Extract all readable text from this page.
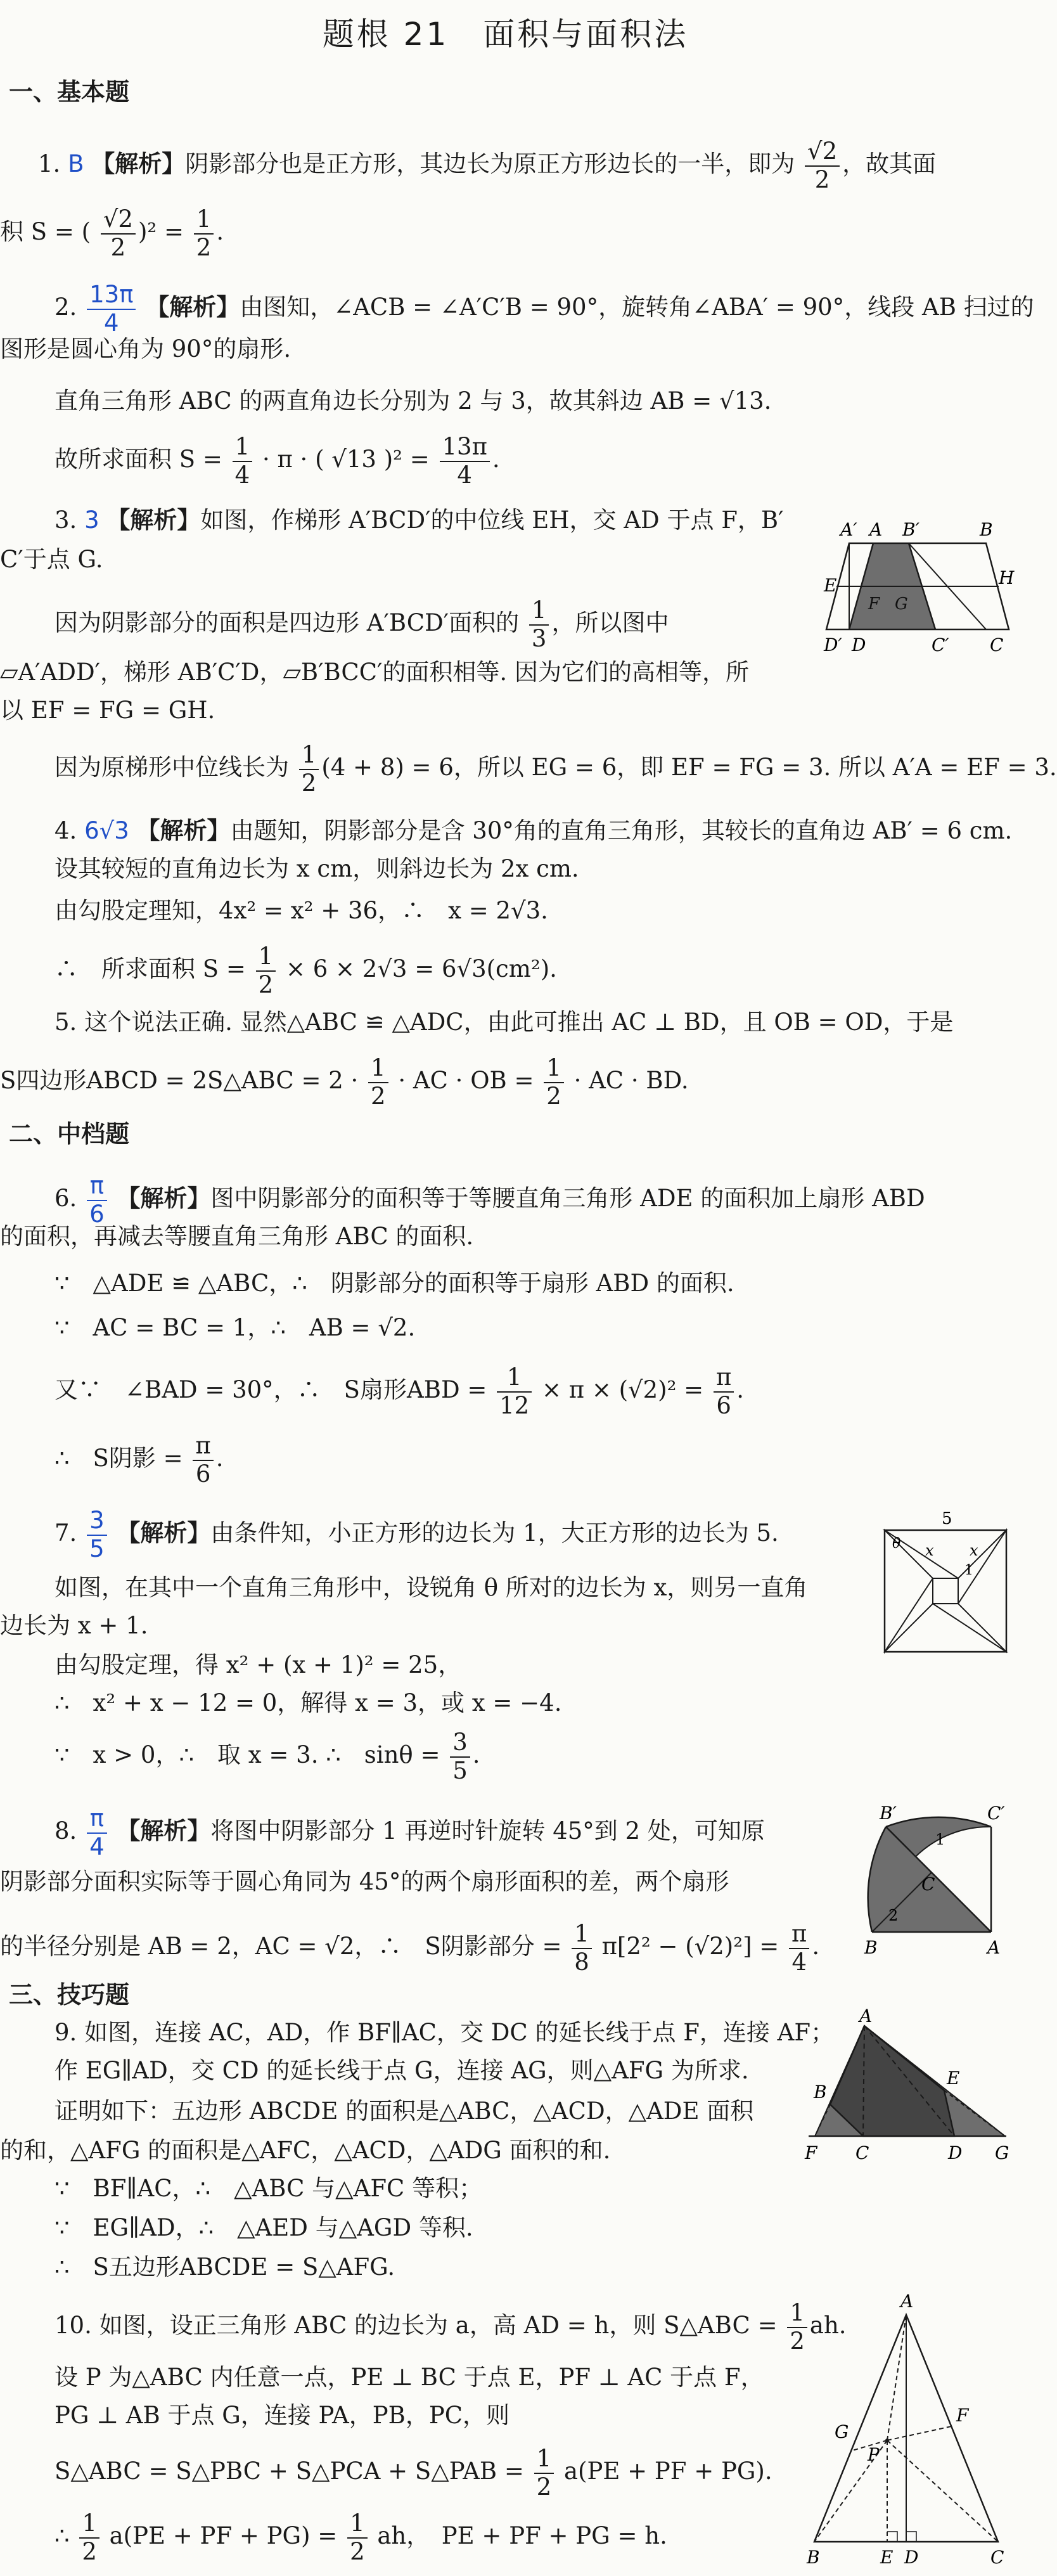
题根 21　面积与面积法
一、基本题
1. B 【解析】阴影部分也是正方形，其边长为原正方形边长的一半，即为 $\frac{√2}{2}$ ，故其面
积 S = ( $\frac{√2}{2} )^2 = \frac{1}{2}$ .
2. $\frac{13\pi}{4}$ 【解析】由图知，∠ACB = ∠A′C′B = 90°，旋转角∠ABA′ = 90°，线段 AB 扫过的
图形是圆心角为 90°的扇形.
直角三角形 ABC 的两直角边长分别为 2 与 3，故其斜边 AB = √13.
故所求面积 $S = \frac{1}{4} \cdot \pi$ · ( √13 )$^2 = \frac{13\pi}{4}$ .
3. 3 【解析】如图，作梯形 A′BCD′的中位线 EH，交 AD 于点 F，B′
C′于点 G.
因为阴影部分的面积是四边形 A′BCD′面积的 $\frac{1}{3}$ ，所以图中
▱A′ADD′，梯形 AB′C′D，▱B′BCC′的面积相等. 因为它们的高相等，所
以 EF = FG = GH.
因为原梯形中位线长为 $\frac{1}{2} (4 + 8) = 6$，所以 EG = 6，即 EF = FG = 3. 所以 A′A = EF = 3.
A′ A B′	B
E	H
F G
D′ D	C′ C
4. 6√3 【解析】由题知，阴影部分是含 30°角的直角三角形，其较长的直角边 AB′ = 6 cm.
设其较短的直角边长为 x cm，则斜边长为 2x cm.
由勾股定理知，4x² = x² + 36，∴　x = 2√3.
∴　所求面积 $S = \frac{1}{2} \times 6 \times 2√3 = 6√3(cm^2)$.
5. 这个说法正确. 显然△ABC ≌ △ADC，由此可推出 AC ⊥ BD，且 OB = OD，于是
S四边形ABCD = 2S△ABC = $2 \cdot \frac{1}{2}$ · AC · OB = $\frac{1}{2}$ · AC · BD.
二、中档题
6. $\frac{\pi}{6}$ 【解析】图中阴影部分的面积等于等腰直角三角形 ADE 的面积加上扇形 ABD
的面积，再减去等腰直角三角形 ABC 的面积.
∵　△ADE ≌ △ABC，∴　阴影部分的面积等于扇形 ABD 的面积.
∵　AC = BC = 1，∴　AB = √2.
又∵　∠BAD = 30°，∴　S扇形ABD = $\frac{1}{12} \times \pi \times (√2)^2 = \frac{\pi}{6}$ .
∴　S阴影 = $\frac{\pi}{6}$ .
7. $\frac{3}{5}$ 【解析】由条件知，小正方形的边长为 1，大正方形的边长为 5.
如图，在其中一个直角三角形中，设锐角 θ 所对的边长为 x，则另一直角
边长为 x + 1.
由勾股定理，得 x² + (x + 1)² = 25，
∴　x² + x − 12 = 0，解得 x = 3，或 x = −4.
∵　x > 0，∴　取 x = 3. ∴　$\sin\theta = \frac{3}{5}$ .
5
θ x x
1
8. $\frac{\pi}{4}$ 【解析】将图中阴影部分 1 再逆时针旋转 45°到 2 处，可知原
阴影部分面积实际等于圆心角同为 45°的两个扇形面积的差，两个扇形
的半径分别是 AB = 2，AC = √2，∴　S阴影部分 = $\frac{1}{8} \pi[2^2 - (√2)^2] = \frac{\pi}{4}$ .
B′	C′
1
C
2
B	A
三、技巧题
9. 如图，连接 AC，AD，作 BF∥AC，交 DC 的延长线于点 F，连接 AF；
作 EG∥AD，交 CD 的延长线于点 G，连接 AG，则△AFG 为所求.
证明如下：五边形 ABCDE 的面积是△ABC，△ACD，△ADE 面积
的和，△AFG 的面积是△AFC，△ACD，△ADG 面积的和.
∵　BF∥AC，∴　△ABC 与△AFC 等积；
∵　EG∥AD，∴　△AED 与△AGD 等积.
∴　S五边形ABCDE = S△AFG.
A
E
B
F C	D G
10. 如图，设正三角形 ABC 的边长为 a，高 AD = h，则 S△ABC = $\frac{1}{2}$ ah.
设 P 为△ABC 内任意一点，PE ⊥ BC 于点 E，PF ⊥ AC 于点 F，
PG ⊥ AB 于点 G，连接 PA，PB，PC，则
S△ABC = S△PBC + S△PCA + S△PAB = $\frac{1}{2} a(PE$ + PF + PG).
∴ $\frac{1}{2} a(PE$ + PF + $PG) = \frac{1}{2}$ ah，　PE + PF + PG = h.
A
G
F
P
B	E D	C
